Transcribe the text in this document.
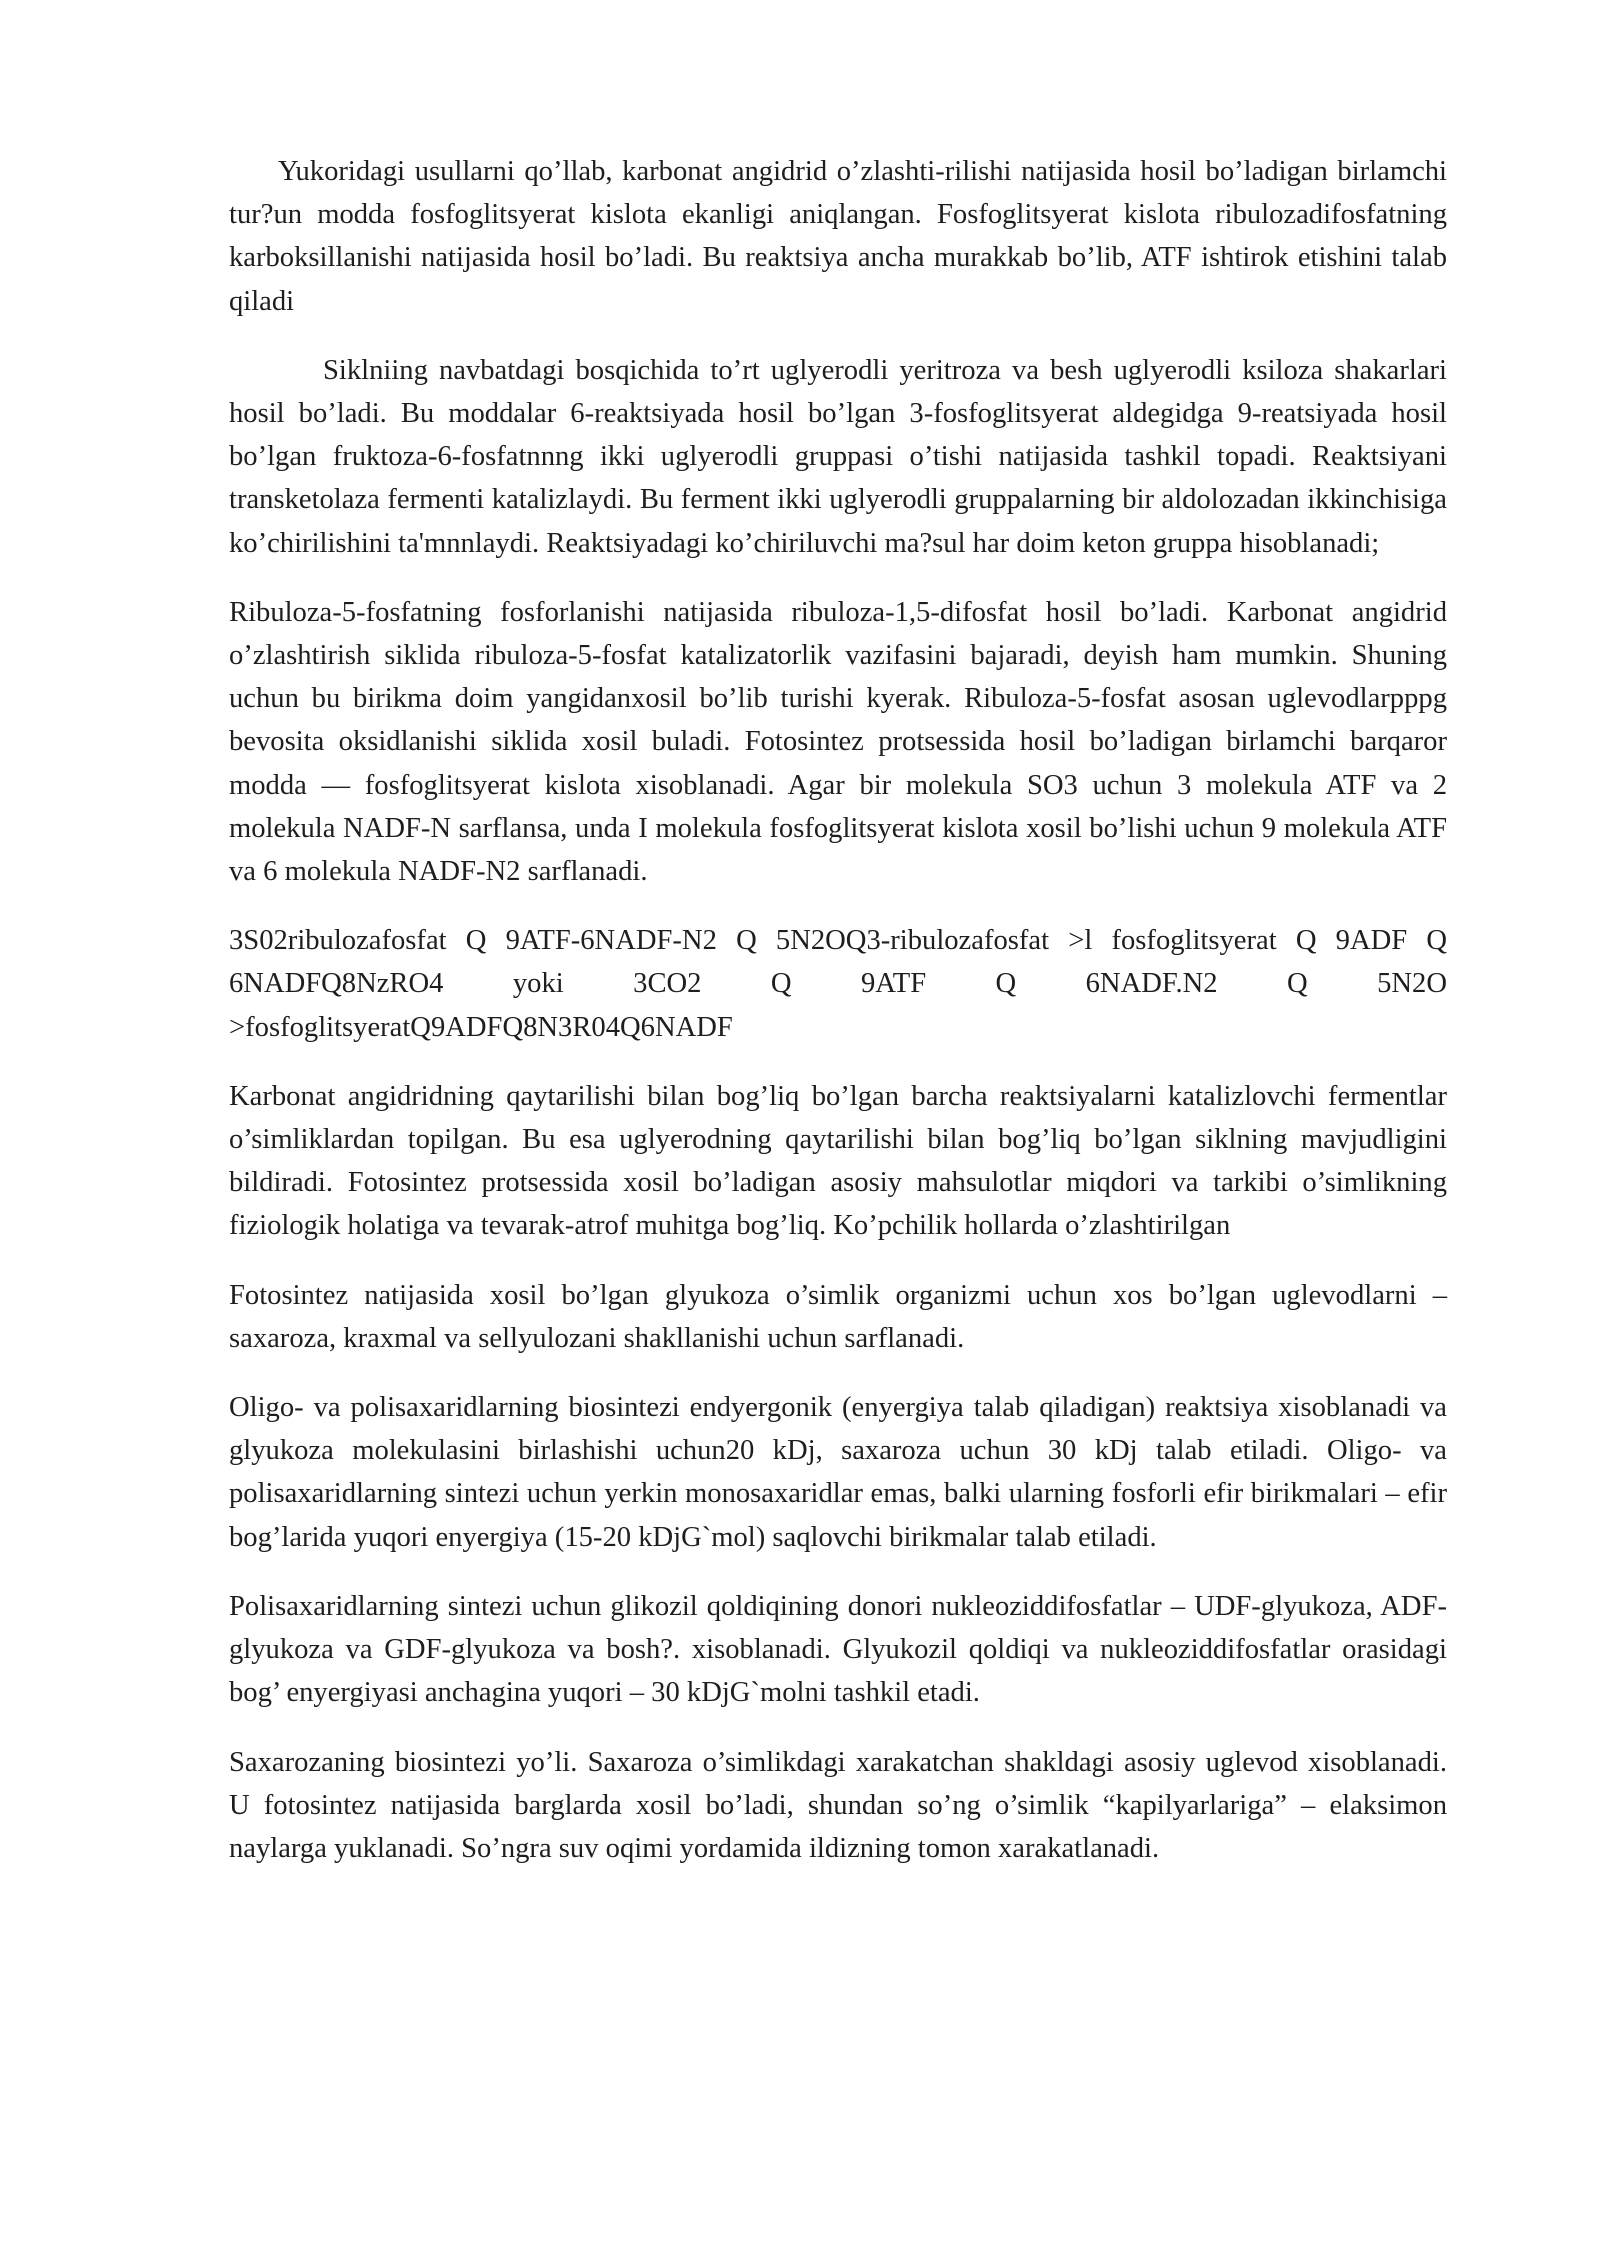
Yukoridagi usullarni qo’llab, karbonat angidrid o’zlashti-rilishi natijasida hosil bo’ladigan birlamchi tur?un modda fosfoglitsyerat kislota ekanligi aniqlangan. Fosfoglitsyerat kislota ribulozadifosfatning karboksillanishi natijasida hosil bo’ladi. Bu reaktsiya ancha murakkab bo’lib, ATF ishtirok etishini talab qiladi

Siklniing navbatdagi bosqichida to’rt uglyerodli yeritroza va besh uglyerodli ksiloza shakarlari hosil bo’ladi. Bu moddalar 6-reaktsiyada hosil bo’lgan 3-fosfoglitsyerat aldegidga 9-reatsiyada hosil bo’lgan fruktoza-6-fosfatnnng ikki uglyerodli gruppasi o’tishi natijasida tashkil topadi. Reaktsiyani transketolaza fermenti katalizlaydi. Bu ferment ikki uglyerodli gruppalarning bir aldolozadan ikkinchisiga ko’chirilishini ta'mnnlaydi. Reaktsiyadagi ko’chiriluvchi ma?sul har doim keton gruppa hisoblanadi;

Ribuloza-5-fosfatning fosforlanishi natijasida ribuloza-1,5-difosfat hosil bo’ladi. Karbonat angidrid o’zlashtirish siklida ribuloza-5-fosfat katalizatorlik vazifasini bajaradi, deyish ham mumkin. Shuning uchun bu birikma doim yangidanxosil bo’lib turishi kyerak. Ribuloza-5-fosfat asosan uglevodlarpppg bevosita oksidlanishi siklida xosil buladi. Fotosintez protsessida hosil bo’ladigan birlamchi barqaror modda — fosfoglitsyerat kislota xisoblanadi. Agar bir molekula SO3 uchun 3 molekula ATF va 2 molekula NADF-N sarflansa, unda I molekula fosfoglitsyerat kislota xosil bo’lishi uchun 9 molekula ATF va 6 molekula NADF-N2 sarflanadi.

3S02ribulozafosfat Q 9ATF-6NADF-N2 Q 5N2OQ3-ribulozafosfat >l fosfoglitsyerat Q 9ADF Q 6NADFQ8NzRO4 yoki 3CO2 Q 9ATF Q 6NADF.N2 Q 5N2O >fosfoglitsyeratQ9ADFQ8N3R04Q6NADF

Karbonat angidridning qaytarilishi bilan bog’liq bo’lgan barcha reaktsiyalarni katalizlovchi fermentlar o’simliklardan topilgan. Bu esa uglyerodning qaytarilishi bilan bog’liq bo’lgan siklning mavjudligini bildiradi. Fotosintez protsessida xosil bo’ladigan asosiy mahsulotlar miqdori va tarkibi o’simlikning fiziologik holatiga va tevarak-atrof muhitga bog’liq. Ko’pchilik hollarda o’zlashtirilgan

Fotosintez natijasida xosil bo’lgan glyukoza o’simlik organizmi uchun xos bo’lgan uglevodlarni – saxaroza, kraxmal va sellyulozani shakllanishi uchun sarflanadi.

Oligo- va polisaxaridlarning biosintezi endyergonik (enyergiya talab qiladigan) reaktsiya xisoblanadi va glyukoza molekulasini birlashishi uchun20 kDj, saxaroza uchun 30 kDj talab etiladi. Oligo- va polisaxaridlarning sintezi uchun yerkin monosaxaridlar emas, balki ularning fosforli efir birikmalari – efir bog’larida yuqori enyergiya (15-20 kDjG`mol) saqlovchi birikmalar talab etiladi.

Polisaxaridlarning sintezi uchun glikozil qoldiqining donori nukleoziddifosfatlar – UDF-glyukoza, ADF-glyukoza va GDF-glyukoza va bosh?. xisoblanadi. Glyukozil qoldiqi va nukleoziddifosfatlar orasidagi bog’ enyergiyasi anchagina yuqori – 30 kDjG`molni tashkil etadi.

Saxarozaning biosintezi yo’li. Saxaroza o’simlikdagi xarakatchan shakldagi asosiy uglevod xisoblanadi. U fotosintez natijasida barglarda xosil bo’ladi, shundan so’ng o’simlik “kapilyarlariga” – elaksimon naylarga yuklanadi. So’ngra suv oqimi yordamida ildizning tomon xarakatlanadi.
